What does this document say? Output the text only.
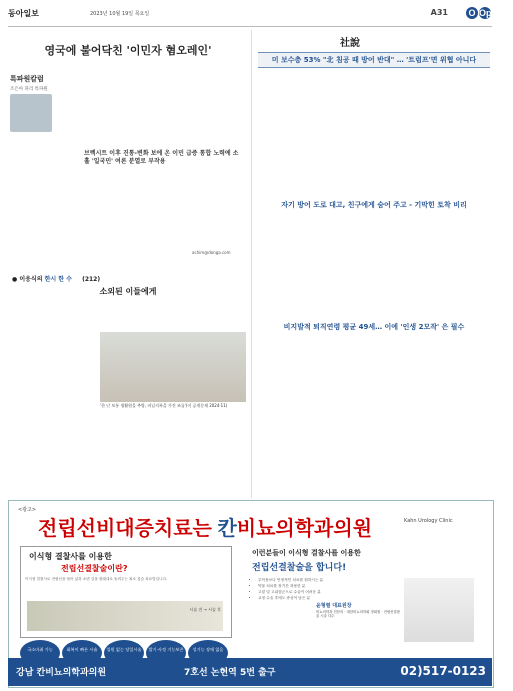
동아일보	2023년 10월 19일 목요일	A31 O Opinion
영국에 불어닥친 '이민자 혐오레인'
특파원칼럼
조은아 파리 특파원
브렉시트 이후 진통-변화 보에 온 이민 급증 통합 노력에 소홀 '일국민' 여론 분열로 부작용
achim@donga.com
● 이응식의 한시 한 수 (212)
소외된 이들에게
'한 난 보통 생활원을 추방, 비닐지폭을 가진 조를'(이 공개문제 2024·11)
社說
미 보수층 53% "北 침공 때 방어 반대" … '트럼프'면 위협 아니다
자기 방어 도로 대고, 친구에게 숨어 주고 - 기막힌 토착 비리
비지발적 퇴직연령 평균 49세… 이에 '인생 2모작' 은 필수
<광고>
전립선비대증치료는 칸비뇨의학과의원	Kahn Urology Clinic
이식형 결찰사를 이용한
전립선결찰술이란?
이식형 결찰사로 전립선을 묶어 넓혀 소변 길을 원래대로 돌려주는 최소 침습 치료법입니다.
시술 전 → 시술 후
국소마취 가능	회복이 빠른 시술	입원 없는 당일시술	발기·사정 기능보존	성기능 장애 없음
이런분들이 이식형 결찰사를 이용한
전립선결찰술을 합니다!
• 부작용보다 안정적인 치료를 원하시는 분
• 약물 치료를 장기간 복용한 분
• 고령 및 고위험군으로 수술이 어려운 분
• 교정 수술 후에도 증상이 남은 분
윤형렬 대표원장
비뇨의학과 전문의 · 대한비뇨의학회 정회원 · 전립선결찰술 시술 다수
강남 칸비뇨의학과의원	7호선 논현역 5번 출구	02)517-0123
